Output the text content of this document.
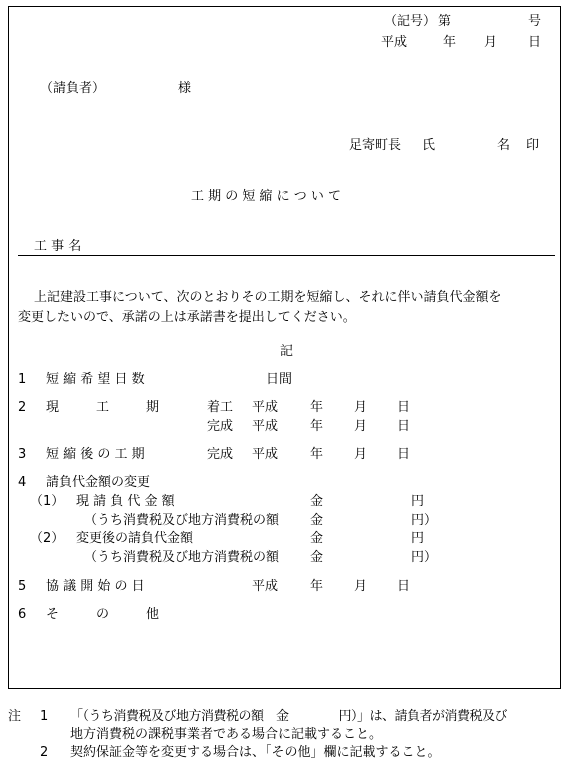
（記号） 第	号
平成	年 月 日
（請負者）	様
足寄町長 氏	名 印
工 期 の 短 縮 に つ い て
工 事 名
上記建設工事について、次のとおりその工期を短縮し、それに伴い請負代金額を
変更したいので、承諾の上は承諾書を提出してください。
記
1 短 縮 希 望 日 数	日間
2 現	工	期	着工 平成 年 月 日
完成 平成 年 月 日
3 短 縮 後 の 工 期	完成 平成 年 月 日
4 請負代金額の変更
（1） 現 請 負 代 金 額	金	円
（うち消費税及び地方消費税の額 金	円）
（2） 変更後の請負代金額	金	円
（うち消費税及び地方消費税の額 金	円）
5 協 議 開 始 の 日	平成 年 月 日
6 そ	の	他
注 1 「（うち消費税及び地方消費税の額　金　　　　円）」は、請負者が消費税及び
地方消費税の課税事業者である場合に記載すること。
2 契約保証金等を変更する場合は、「その他」欄に記載すること。
